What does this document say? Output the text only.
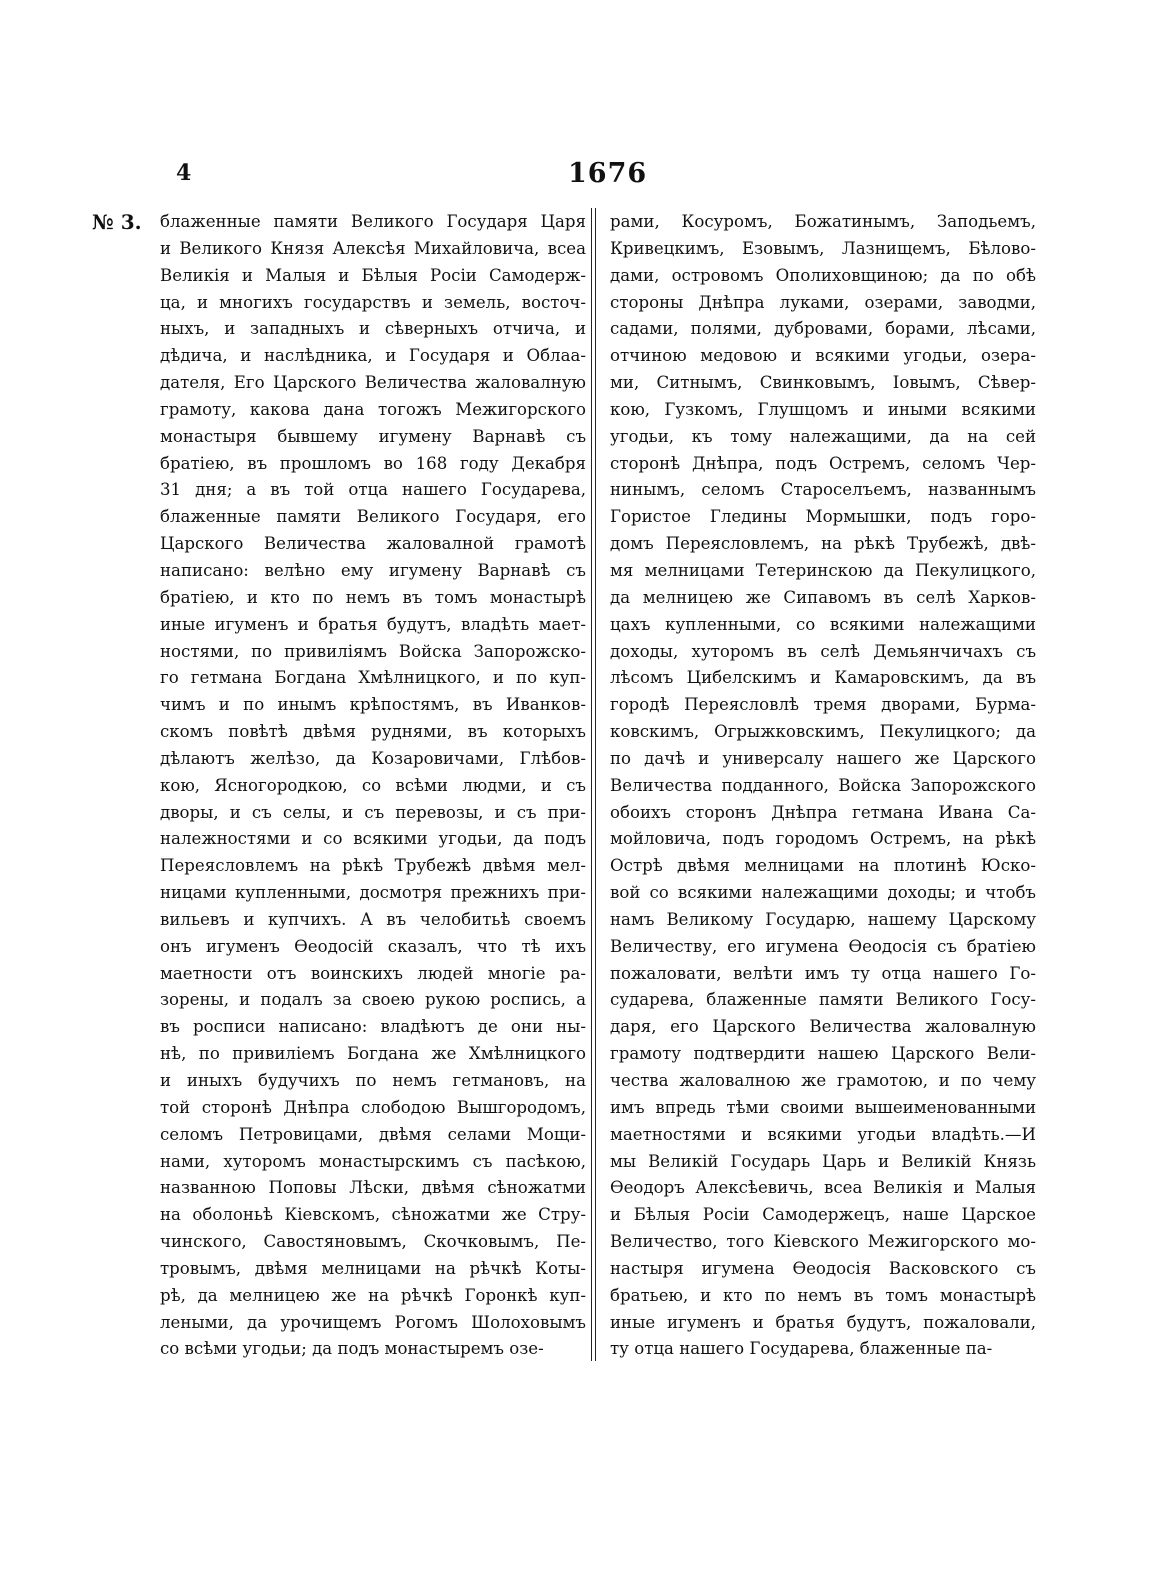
4	1676
№ 3. блаженные памяти Великого Государя Царя
и Великого Князя Алексѣя Михайловича, всеа
Великія и Малыя и Бѣлыя Росіи Самодерж-
ца, и многихъ государствъ и земель, восточ-
ныхъ, и западныхъ и сѣверныхъ отчича, и
дѣдича, и наслѣдника, и Государя и Облаа-
дателя, Его Царского Величества жаловалную
грамоту, какова дана тогожъ Межигорского
монастыря бывшему игумену Варнавѣ съ
братіею, въ прошломъ во 168 году Декабря
31 дня; а въ той отца нашего Государева,
блаженные памяти Великого Государя, его
Царского Величества жаловалной грамотѣ
написано: велѣно ему игумену Варнавѣ съ
братіею, и кто по немъ въ томъ монастырѣ
иные игуменъ и братья будутъ, владѣть мает-
ностями, по привиліямъ Войска Запорожско-
го гетмана Богдана Хмѣлницкого, и по куп-
чимъ и по инымъ крѣпостямъ, въ Иванков-
скомъ повѣтѣ двѣмя руднями, въ которыхъ
дѣлаютъ желѣзо, да Козаровичами, Глѣбов-
кою, Ясногородкою, со всѣми людми, и съ
дворы, и съ селы, и съ перевозы, и съ при-
належностями и со всякими угодьи, да подъ
Переясловлемъ на рѣкѣ Трубежѣ двѣмя мел-
ницами купленными, досмотря прежнихъ при-
вильевъ и купчихъ. А въ челобитьѣ своемъ
онъ игуменъ Ѳеодосій сказалъ, что тѣ ихъ
маетности отъ воинскихъ людей многіе ра-
зорены, и подалъ за своею рукою роспись, а
въ росписи написано: владѣютъ де они ны-
нѣ, по привиліемъ Богдана же Хмѣлницкого
и иныхъ будучихъ по немъ гетмановъ, на
той сторонѣ Днѣпра слободою Вышгородомъ,
селомъ Петровицами, двѣмя селами Мощи-
нами, хуторомъ монастырскимъ съ пасѣкою,
названною Поповы Лѣски, двѣмя сѣножатми
на оболоньѣ Кіевскомъ, сѣножатми же Стру-
чинского, Савостяновымъ, Скочковымъ, Пе-
тровымъ, двѣмя мелницами на рѣчкѣ Коты-
рѣ, да мелницею же на рѣчкѣ Горонкѣ куп-
леными, да урочищемъ Рогомъ Шолоховымъ
со всѣми угодьи; да подъ монастыремъ озе-
рами, Косуромъ, Божатинымъ, Заподьемъ,
Кривецкимъ, Езовымъ, Лазнищемъ, Бѣлово-
дами, островомъ Ополиховщиною; да по обѣ
стороны Днѣпра луками, озерами, заводми,
садами, полями, дубровами, борами, лѣсами,
отчиною медовою и всякими угодьи, озера-
ми, Ситнымъ, Свинковымъ, Іовымъ, Сѣвер-
кою, Гузкомъ, Глушцомъ и иными всякими
угодьи, къ тому належащими, да на сей
сторонѣ Днѣпра, подъ Остремъ, селомъ Чер-
нинымъ, селомъ Староселъемъ, названнымъ
Гористое Гледины Мормышки, подъ горо-
домъ Переясловлемъ, на рѣкѣ Трубежѣ, двѣ-
мя мелницами Тетеринскою да Пекулицкого,
да мелницею же Сипавомъ въ селѣ Харков-
цахъ купленными, со всякими належащими
доходы, хуторомъ въ селѣ Демьянчичахъ съ
лѣсомъ Цибелскимъ и Камаровскимъ, да въ
городѣ Переясловлѣ тремя дворами, Бурма-
ковскимъ, Огрыжковскимъ, Пекулицкого; да
по дачѣ и универсалу нашего же Царского
Величества подданного, Войска Запорожского
обоихъ сторонъ Днѣпра гетмана Ивана Са-
мойловича, подъ городомъ Остремъ, на рѣкѣ
Острѣ двѣмя мелницами на плотинѣ Юско-
вой со всякими належащими доходы; и чтобъ
намъ Великому Государю, нашему Царскому
Величеству, его игумена Ѳеодосія съ братіею
пожаловати, велѣти имъ ту отца нашего Го-
сударева, блаженные памяти Великого Госу-
даря, его Царского Величества жаловалную
грамоту подтвердити нашею Царского Вели-
чества жаловалною же грамотою, и по чему
имъ впредь тѣми своими вышеименованными
маетностями и всякими угодьи владѣть.—И
мы Великій Государь Царь и Великій Князь
Ѳеодоръ Алексѣевичь, всеа Великія и Малыя
и Бѣлыя Росіи Самодержецъ, наше Царское
Величество, того Кіевского Межигорского мо-
настыря игумена Ѳеодосія Васковского съ
братьею, и кто по немъ въ томъ монастырѣ
иные игуменъ и братья будутъ, пожаловали,
ту отца нашего Государева, блаженные па-
